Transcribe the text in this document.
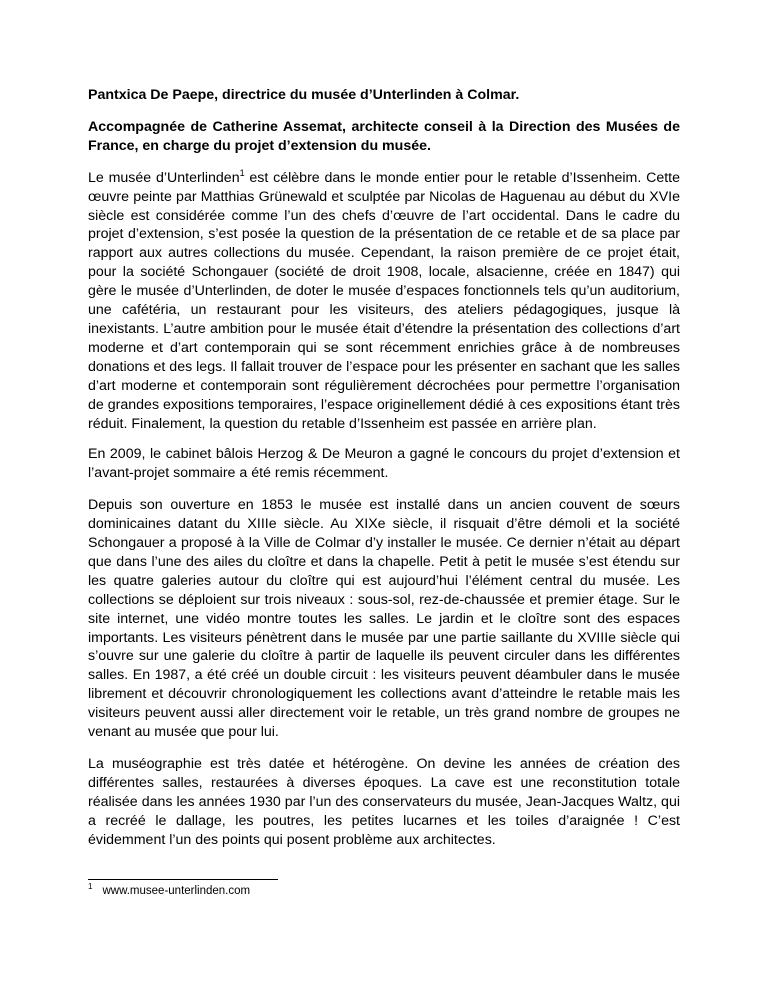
Pantxica De Paepe, directrice du musée d’Unterlinden à Colmar.

Accompagnée de Catherine Assemat, architecte conseil à la Direction des Musées de France, en charge du projet d’extension du musée.

Le musée d’Unterlinden$^1$ est célèbre dans le monde entier pour le retable d’Issenheim. Cette œuvre peinte par Matthias Grünewald et sculptée par Nicolas de Haguenau au début du XVIe siècle est considérée comme l’un des chefs d’œuvre de l’art occidental. Dans le cadre du projet d’extension, s’est posée la question de la présentation de ce retable et de sa place par rapport aux autres collections du musée. Cependant, la raison première de ce projet était, pour la société Schongauer (société de droit 1908, locale, alsacienne, créée en 1847) qui gère le musée d’Unterlinden, de doter le musée d’espaces fonctionnels tels qu’un auditorium, une cafétéria, un restaurant pour les visiteurs, des ateliers pédagogiques, jusque là inexistants. L’autre ambition pour le musée était d’étendre la présentation des collections d’art moderne et d’art contemporain qui se sont récemment enrichies grâce à de nombreuses donations et des legs. Il fallait trouver de l’espace pour les présenter en sachant que les salles d’art moderne et contemporain sont régulièrement décrochées pour permettre l’organisation de grandes expositions temporaires, l’espace originellement dédié à ces expositions étant très réduit. Finalement, la question du retable d’Issenheim est passée en arrière plan.

En 2009, le cabinet bâlois Herzog & De Meuron a gagné le concours du projet d’extension et l’avant-projet sommaire a été remis récemment.

Depuis son ouverture en 1853 le musée est installé dans un ancien couvent de sœurs dominicaines datant du XIIIe siècle. Au XIXe siècle, il risquait d’être démoli et la société Schongauer a proposé à la Ville de Colmar d’y installer le musée. Ce dernier n’était au départ que dans l’une des ailes du cloître et dans la chapelle. Petit à petit le musée s’est étendu sur les quatre galeries autour du cloître qui est aujourd’hui l’élément central du musée. Les collections se déploient sur trois niveaux : sous-sol, rez-de-chaussée et premier étage. Sur le site internet, une vidéo montre toutes les salles. Le jardin et le cloître sont des espaces importants. Les visiteurs pénètrent dans le musée par une partie saillante du XVIIIe siècle qui s’ouvre sur une galerie du cloître à partir de laquelle ils peuvent circuler dans les différentes salles. En 1987, a été créé un double circuit : les visiteurs peuvent déambuler dans le musée librement et découvrir chronologiquement les collections avant d’atteindre le retable mais les visiteurs peuvent aussi aller directement voir le retable, un très grand nombre de groupes ne venant au musée que pour lui.

La muséographie est très datée et hétérogène. On devine les années de création des différentes salles, restaurées à diverses époques. La cave est une reconstitution totale réalisée dans les années 1930 par l’un des conservateurs du musée, Jean-Jacques Waltz, qui a recréé le dallage, les poutres, les petites lucarnes et les toiles d’araignée ! C’est évidemment l’un des points qui posent problème aux architectes.

$^1$ www.musee-unterlinden.com
